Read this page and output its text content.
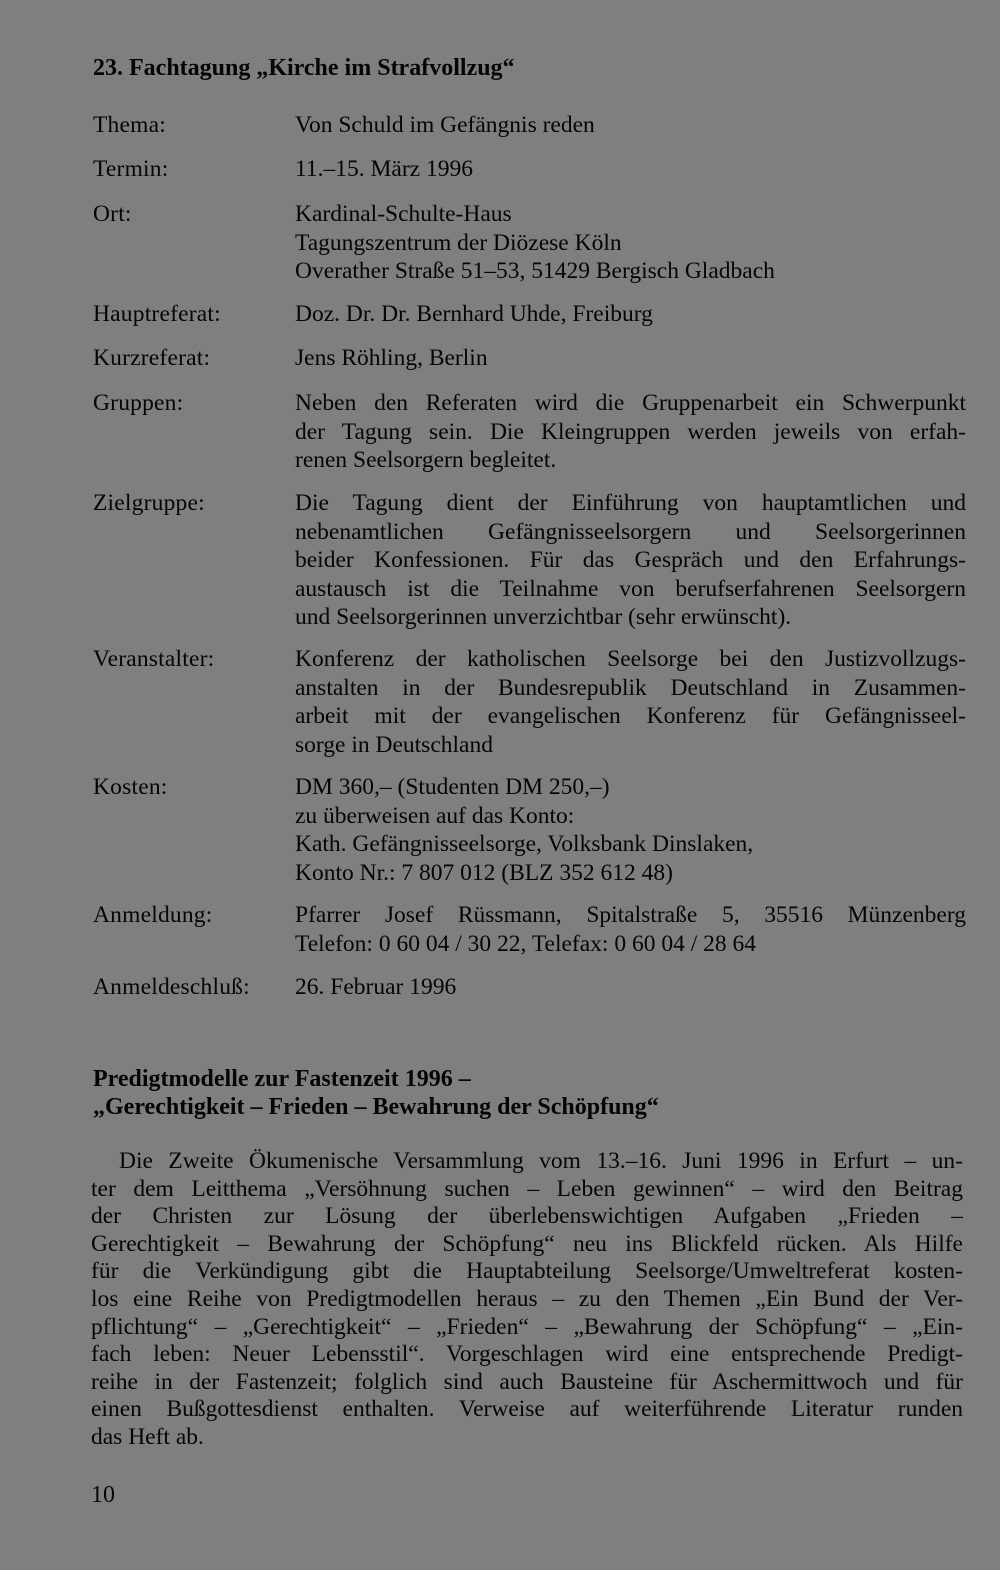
23. Fachtagung „Kirche im Strafvollzug“
Thema:	Von Schuld im Gefängnis reden
Termin:	11.–15. März 1996
Ort:	Kardinal-Schulte-Haus
Tagungszentrum der Diözese Köln
Overather Straße 51–53, 51429 Bergisch Gladbach
Hauptreferat:	Doz. Dr. Dr. Bernhard Uhde, Freiburg
Kurzreferat:	Jens Röhling, Berlin
Gruppen:	Neben den Referaten wird die Gruppenarbeit ein Schwerpunkt
der Tagung sein. Die Kleingruppen werden jeweils von erfah-
renen Seelsorgern begleitet.
Zielgruppe:	Die Tagung dient der Einführung von hauptamtlichen und
nebenamtlichen Gefängnisseelsorgern und Seelsorgerinnen
beider Konfessionen. Für das Gespräch und den Erfahrungs-
austausch ist die Teilnahme von berufserfahrenen Seelsorgern
und Seelsorgerinnen unverzichtbar (sehr erwünscht).
Veranstalter:	Konferenz der katholischen Seelsorge bei den Justizvollzugs-
anstalten in der Bundesrepublik Deutschland in Zusammen-
arbeit mit der evangelischen Konferenz für Gefängnisseel-
sorge in Deutschland
Kosten:	DM 360,– (Studenten DM 250,–)
zu überweisen auf das Konto:
Kath. Gefängnisseelsorge, Volksbank Dinslaken,
Konto Nr.: 7 807 012 (BLZ 352 612 48)
Anmeldung:	Pfarrer Josef Rüssmann, Spitalstraße 5, 35516 Münzenberg
Telefon: 0 60 04 / 30 22, Telefax: 0 60 04 / 28 64
Anmeldeschluß: 26. Februar 1996
Predigtmodelle zur Fastenzeit 1996 –
„Gerechtigkeit – Frieden – Bewahrung der Schöpfung“
Die Zweite Ökumenische Versammlung vom 13.–16. Juni 1996 in Erfurt – un-
ter dem Leitthema „Versöhnung suchen – Leben gewinnen“ – wird den Beitrag
der Christen zur Lösung der überlebenswichtigen Aufgaben „Frieden –
Gerechtigkeit – Bewahrung der Schöpfung“ neu ins Blickfeld rücken. Als Hilfe
für die Verkündigung gibt die Hauptabteilung Seelsorge/Umweltreferat kosten-
los eine Reihe von Predigtmodellen heraus – zu den Themen „Ein Bund der Ver-
pflichtung“ – „Gerechtigkeit“ – „Frieden“ – „Bewahrung der Schöpfung“ – „Ein-
fach leben: Neuer Lebensstil“. Vorgeschlagen wird eine entsprechende Predigt-
reihe in der Fastenzeit; folglich sind auch Bausteine für Aschermittwoch und für
einen Bußgottesdienst enthalten. Verweise auf weiterführende Literatur runden
das Heft ab.
10
